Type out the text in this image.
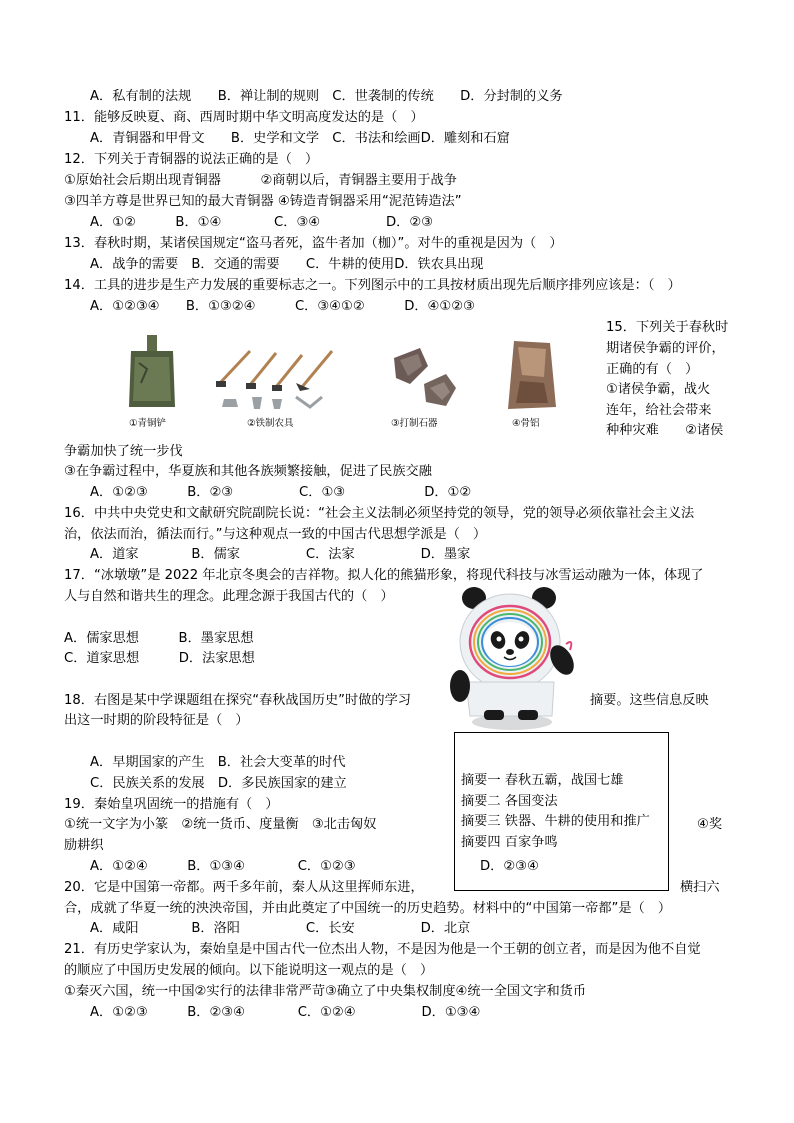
A．私有制的法规　　B．禅让制的规则　C．世袭制的传统　　D．分封制的义务
11．能够反映夏、商、西周时期中华文明高度发达的是（　）
A．青铜器和甲骨文　　B．史学和文学　C．书法和绘画D．雕刻和石窟
12．下列关于青铜器的说法正确的是（　）
①原始社会后期出现青铜器　　　②商朝以后，青铜器主要用于战争
③四羊方尊是世界已知的最大青铜器 ④铸造青铜器采用“泥范铸造法”
A．①②　　　B．①④　　　　C．③④　　　　　D．②③
13．春秋时期，某诸侯国规定“盗马者死，盗牛者加（枷）”。对牛的重视是因为（　）
A．战争的需要　B．交通的需要　　C．牛耕的使用D．铁农具出现
14．工具的进步是生产力发展的重要标志之一。下列图示中的工具按材质出现先后顺序排列应该是：（　）
A．①②③④　　B．①③②④　　　C．③④①②　　　D．④①②③
①青铜铲	②铁制农具	③打制石器	④骨铝
15．下列关于春秋时
期诸侯争霸的评价，
正确的有（　）
①诸侯争霸，战火
连年，给社会带来
种种灾难　　②诸侯
争霸加快了统一步伐
③在争霸过程中，华夏族和其他各族频繁接触，促进了民族交融
A．①②③　　　B．②③　　　　　C．①③　　　　　　D．①②
16．中共中央党史和文献研究院副院长说：“社会主义法制必须坚持党的领导，党的领导必须依靠社会主义法
治，依法而治，循法而行。”与这种观点一致的中国古代思想学派是（　）
A．道家　　　　B．儒家　　　　　C．法家　　　　　D．墨家
17．“冰墩墩”是 2022 年北京冬奥会的吉祥物。拟人化的熊猫形象，将现代科技与冰雪运动融为一体，体现了
人与自然和谐共生的理念。此理念源于我国古代的（　）
A．儒家思想　　　B．墨家思想
C．道家思想　　　D．法家思想
18．右图是某中学课题组在探究“春秋战国历史”时做的学习	摘要。这些信息反映
出这一时期的阶段特征是（　）
A．早期国家的产生　B．社会大变革的时代
C．民族关系的发展　D．多民族国家的建立	摘要一 春秋五霸，战国七雄
摘要二 各国变法
摘要三 铁器、牛耕的使用和推广
摘要四 百家争鸣
19．秦始皇巩固统一的措施有（　）
①统一文字为小篆　②统一货币、度量衡　③北击匈奴	④奖
励耕织
A．①②④　　　B．①③④　　　　C．①②③	D．②③④
20．它是中国第一帝都。两千多年前，秦人从这里挥师东进，	横扫六
合，成就了华夏一统的泱泱帝国，并由此奠定了中国统一的历史趋势。材料中的“中国第一帝都”是（　）
A．咸阳　　　　B．洛阳　　　　　C．长安　　　　　D．北京
21．有历史学家认为，秦始皇是中国古代一位杰出人物，不是因为他是一个王朝的创立者，而是因为他不自觉
的顺应了中国历史发展的倾向。以下能说明这一观点的是（　）
①秦灭六国，统一中国②实行的法律非常严苛③确立了中央集权制度④统一全国文字和货币
A．①②③　　　B．②③④　　　　C．①②④　　　　　D．①③④
